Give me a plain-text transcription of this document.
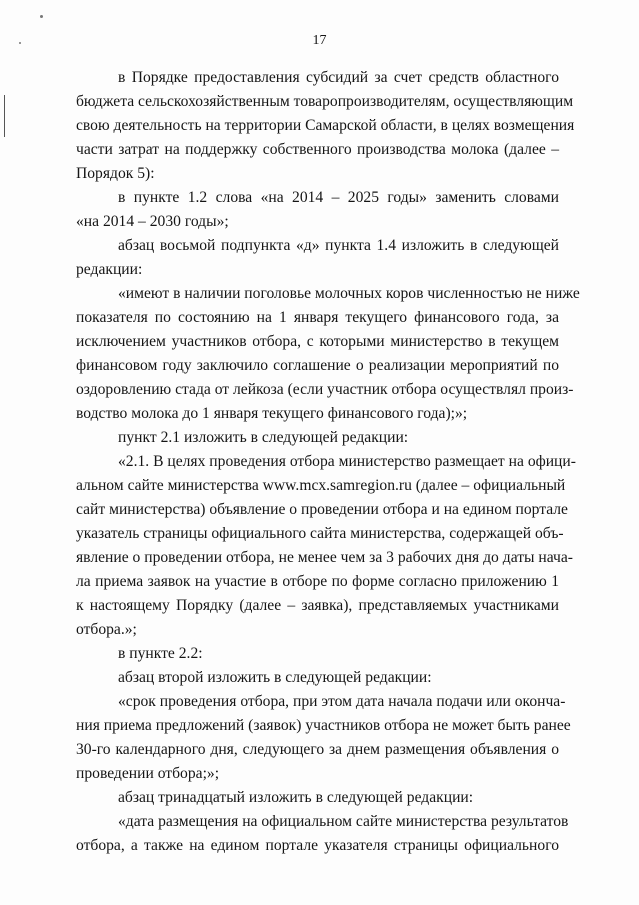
17
в Порядке предоставления субсидий за счет средств областного
бюджета сельскохозяйственным товаропроизводителям, осуществляющим
свою деятельность на территории Самарской области, в целях возмещения
части затрат на поддержку собственного производства молока (далее –
Порядок 5):
в пункте 1.2 слова «на 2014 – 2025 годы» заменить словами
«на 2014 – 2030 годы»;
абзац восьмой подпункта «д» пункта 1.4 изложить в следующей
редакции:
«имеют в наличии поголовье молочных коров численностью не ниже
показателя по состоянию на 1 января текущего финансового года, за
исключением участников отбора, с которыми министерство в текущем
финансовом году заключило соглашение о реализации мероприятий по
оздоровлению стада от лейкоза (если участник отбора осуществлял произ-
водство молока до 1 января текущего финансового года);»;
пункт 2.1 изложить в следующей редакции:
«2.1. В целях проведения отбора министерство размещает на офици-
альном сайте министерства www.mcx.samregion.ru (далее – официальный
сайт министерства) объявление о проведении отбора и на едином портале
указатель страницы официального сайта министерства, содержащей объ-
явление о проведении отбора, не менее чем за 3 рабочих дня до даты нача-
ла приема заявок на участие в отборе по форме согласно приложению 1
к настоящему Порядку (далее – заявка), представляемых участниками
отбора.»;
в пункте 2.2:
абзац второй изложить в следующей редакции:
«срок проведения отбора, при этом дата начала подачи или оконча-
ния приема предложений (заявок) участников отбора не может быть ранее
30-го календарного дня, следующего за днем размещения объявления о
проведении отбора;»;
абзац тринадцатый изложить в следующей редакции:
«дата размещения на официальном сайте министерства результатов
отбора, а также на едином портале указателя страницы официального
